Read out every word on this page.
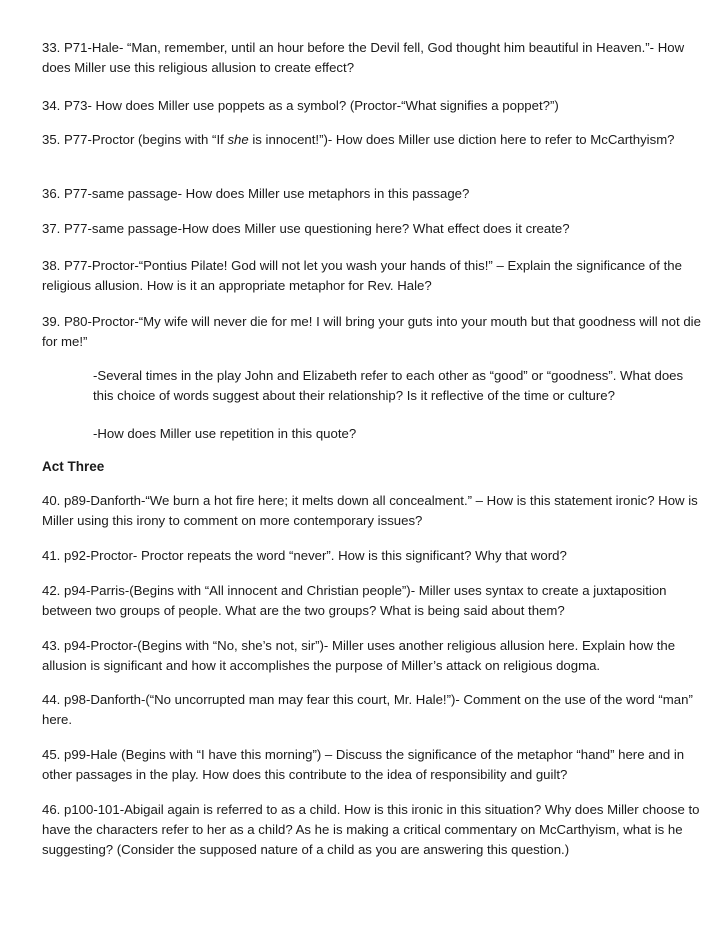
33. P71-Hale- “Man, remember, until an hour before the Devil fell, God thought him beautiful in Heaven.”- How does Miller use this religious allusion to create effect?

34. P73- How does Miller use poppets as a symbol? (Proctor-“What signifies a poppet?”)

35. P77-Proctor (begins with “If she is innocent!”)- How does Miller use diction here to refer to McCarthyism?

36. P77-same passage- How does Miller use metaphors in this passage?

37. P77-same passage-How does Miller use questioning here? What effect does it create?

38. P77-Proctor-“Pontius Pilate! God will not let you wash your hands of this!” – Explain the significance of the religious allusion. How is it an appropriate metaphor for Rev. Hale?

39. P80-Proctor-“My wife will never die for me! I will bring your guts into your mouth but that goodness will not die for me!”

-Several times in the play John and Elizabeth refer to each other as “good” or “goodness”. What does this choice of words suggest about their relationship? Is it reflective of the time or culture?

-How does Miller use repetition in this quote?

Act Three

40. p89-Danforth-“We burn a hot fire here; it melts down all concealment.” – How is this statement ironic? How is Miller using this irony to comment on more contemporary issues?

41. p92-Proctor- Proctor repeats the word “never”. How is this significant? Why that word?

42. p94-Parris-(Begins with “All innocent and Christian people”)- Miller uses syntax to create a juxtaposition between two groups of people. What are the two groups? What is being said about them?

43. p94-Proctor-(Begins with “No, she’s not, sir”)- Miller uses another religious allusion here. Explain how the allusion is significant and how it accomplishes the purpose of Miller’s attack on religious dogma.

44. p98-Danforth-(“No uncorrupted man may fear this court, Mr. Hale!”)- Comment on the use of the word “man” here.

45. p99-Hale (Begins with “I have this morning”) – Discuss the significance of the metaphor “hand” here and in other passages in the play. How does this contribute to the idea of responsibility and guilt?

46. p100-101-Abigail again is referred to as a child. How is this ironic in this situation? Why does Miller choose to have the characters refer to her as a child? As he is making a critical commentary on McCarthyism, what is he suggesting? (Consider the supposed nature of a child as you are answering this question.)
